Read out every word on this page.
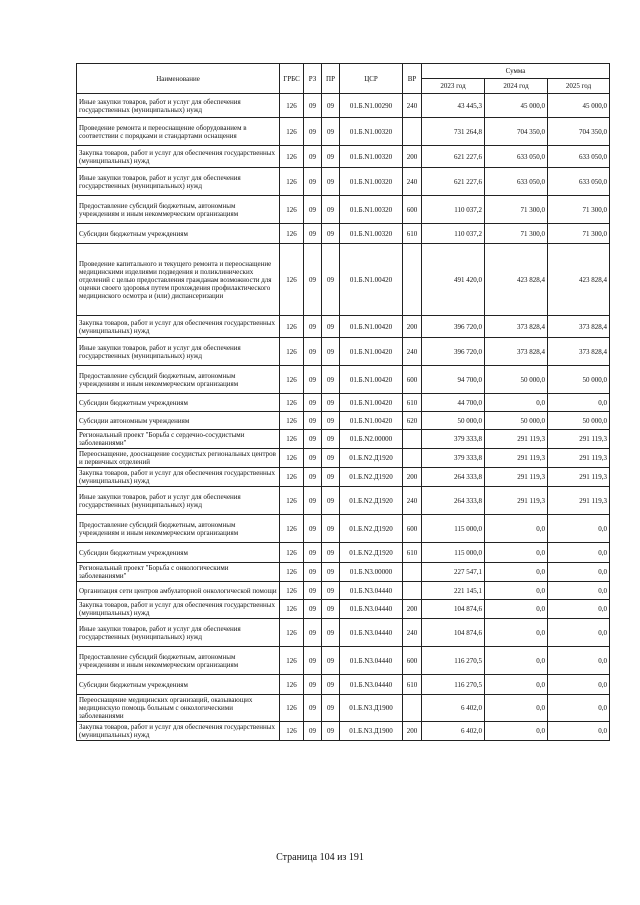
Наименование	ГРБС	РЗ	ПР	ЦСР	ВР	Сумма		
						2023 год	2024 год	2025 год
Иные закупки товаров, работ и услуг для обеспечения государственных (муниципальных) нужд	126	09	09	01.Б.N1.00290	240	43 445,3	45 000,0	45 000,0
Проведение ремонта и переоснащение оборудованием в соответствии с порядками и стандартами оснащения	126	09	09	01.Б.N1.00320		731 264,8	704 350,0	704 350,0
Закупка товаров, работ и услуг для обеспечения государственных (муниципальных) нужд	126	09	09	01.Б.N1.00320	200	621 227,6	633 050,0	633 050,0
Иные закупки товаров, работ и услуг для обеспечения государственных (муниципальных) нужд	126	09	09	01.Б.N1.00320	240	621 227,6	633 050,0	633 050,0
Предоставление субсидий бюджетным, автономным учреждениям и иным некоммерческим организациям	126	09	09	01.Б.N1.00320	600	110 037,2	71 300,0	71 300,0
Субсидии бюджетным учреждениям	126	09	09	01.Б.N1.00320	610	110 037,2	71 300,0	71 300,0
Проведение капитального и текущего ремонта и переоснащение медицинскими изделиями подведения и поликлинических отделений с целью предоставления гражданам возможности для оценки своего здоровья путем прохождения профилактического медицинского осмотра и (или) диспансеризации	126	09	09	01.Б.N1.00420		491 420,0	423 828,4	423 828,4
Закупка товаров, работ и услуг для обеспечения государственных (муниципальных) нужд	126	09	09	01.Б.N1.00420	200	396 720,0	373 828,4	373 828,4
Иные закупки товаров, работ и услуг для обеспечения государственных (муниципальных) нужд	126	09	09	01.Б.N1.00420	240	396 720,0	373 828,4	373 828,4
Предоставление субсидий бюджетным, автономным учреждениям и иным некоммерческим организациям	126	09	09	01.Б.N1.00420	600	94 700,0	50 000,0	50 000,0
Субсидии бюджетным учреждениям	126	09	09	01.Б.N1.00420	610	44 700,0	0,0	0,0
Субсидии автономным учреждениям	126	09	09	01.Б.N1.00420	620	50 000,0	50 000,0	50 000,0
Региональный проект "Борьба с сердечно-сосудистыми заболеваниями"	126	09	09	01.Б.N2.00000		379 333,8	291 119,3	291 119,3
Переоснащение, дооснащение сосудистых региональных центров и первичных отделений	126	09	09	01.Б.N2.Д1920		379 333,8	291 119,3	291 119,3
Закупка товаров, работ и услуг для обеспечения государственных (муниципальных) нужд	126	09	09	01.Б.N2.Д1920	200	264 333,8	291 119,3	291 119,3
Иные закупки товаров, работ и услуг для обеспечения государственных (муниципальных) нужд	126	09	09	01.Б.N2.Д1920	240	264 333,8	291 119,3	291 119,3
Предоставление субсидий бюджетным, автономным учреждениям и иным некоммерческим организациям	126	09	09	01.Б.N2.Д1920	600	115 000,0	0,0	0,0
Субсидии бюджетным учреждениям	126	09	09	01.Б.N2.Д1920	610	115 000,0	0,0	0,0
Региональный проект "Борьба с онкологическими заболеваниями"	126	09	09	01.Б.N3.00000		227 547,1	0,0	0,0
Организация сети центров амбулаторной онкологической помощи	126	09	09	01.Б.N3.04440		221 145,1	0,0	0,0
Закупка товаров, работ и услуг для обеспечения государственных (муниципальных) нужд	126	09	09	01.Б.N3.04440	200	104 874,6	0,0	0,0
Иные закупки товаров, работ и услуг для обеспечения государственных (муниципальных) нужд	126	09	09	01.Б.N3.04440	240	104 874,6	0,0	0,0
Предоставление субсидий бюджетным, автономным учреждениям и иным некоммерческим организациям	126	09	09	01.Б.N3.04440	600	116 270,5	0,0	0,0
Субсидии бюджетным учреждениям	126	09	09	01.Б.N3.04440	610	116 270,5	0,0	0,0
Переоснащение медицинских организаций, оказывающих медицинскую помощь больным с онкологическими заболеваниями	126	09	09	01.Б.N3.Д1900		6 402,0	0,0	0,0
Закупка товаров, работ и услуг для обеспечения государственных (муниципальных) нужд	126	09	09	01.Б.N3.Д1900	200	6 402,0	0,0	0,0
Страница 104 из 191
